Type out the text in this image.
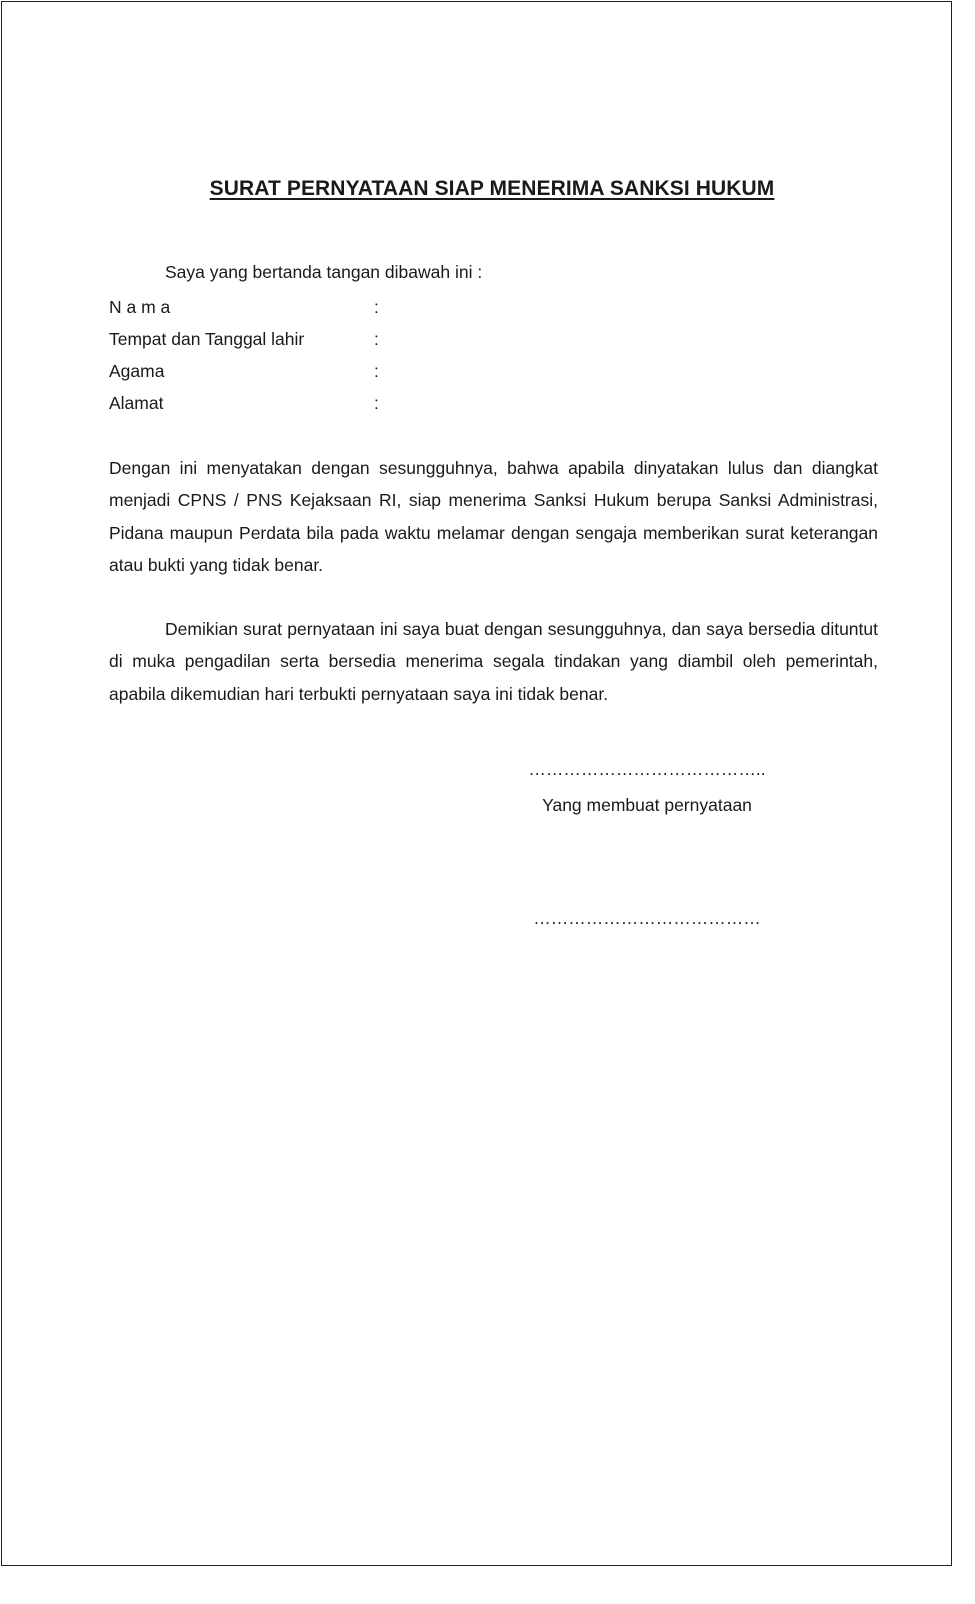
SURAT PERNYATAAN SIAP MENERIMA SANKSI HUKUM
Saya yang bertanda tangan dibawah ini :
N a m a	:
Tempat dan Tanggal lahir	:
Agama	:
Alamat	:
Dengan ini menyatakan dengan sesungguhnya, bahwa apabila dinyatakan lulus dan diangkat menjadi CPNS / PNS Kejaksaan RI, siap menerima Sanksi Hukum berupa Sanksi Administrasi, Pidana maupun Perdata bila pada waktu melamar dengan sengaja memberikan surat keterangan atau bukti yang tidak benar.
Demikian surat pernyataan ini saya buat dengan sesungguhnya, dan saya bersedia dituntut di muka pengadilan serta bersedia menerima segala tindakan yang diambil oleh pemerintah, apabila dikemudian hari terbukti pernyataan saya ini tidak benar.
…………………………………..
Yang membuat pernyataan
…………………………………
